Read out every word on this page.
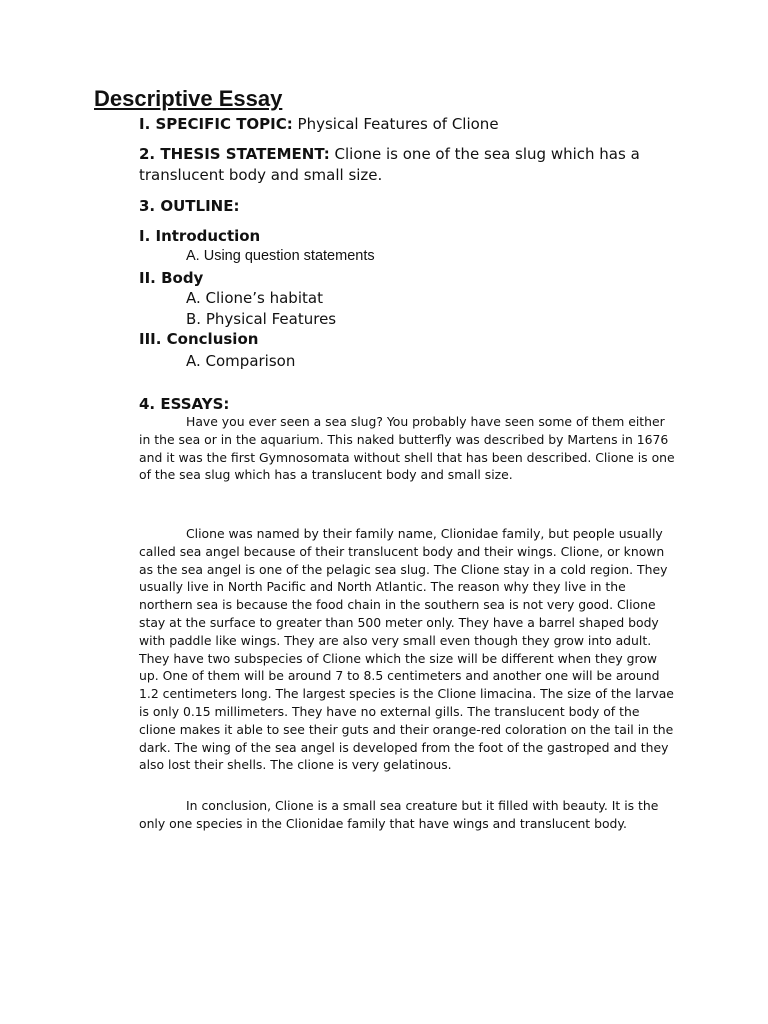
Descriptive Essay
I. SPECIFIC TOPIC: Physical Features of Clione
2. THESIS STATEMENT: Clione is one of the sea slug which has a
translucent body and small size.
3. OUTLINE:
I. Introduction
A. Using question statements
II. Body
A. Clione’s habitat
B. Physical Features
III. Conclusion
A. Comparison
4. ESSAYS:

Have you ever seen a sea slug? You probably have seen some of them either in the sea or in the aquarium. This naked butterfly was described by Martens in 1676 and it was the first Gymnosomata without shell that has been described. Clione is one of the sea slug which has a translucent body and small size.

Clione was named by their family name, Clionidae family, but people usually called sea angel because of their translucent body and their wings. Clione, or known as the sea angel is one of the pelagic sea slug. The Clione stay in a cold region. They usually live in North Pacific and North Atlantic. The reason why they live in the northern sea is because the food chain in the southern sea is not very good. Clione stay at the surface to greater than 500 meter only. They have a barrel shaped body with paddle like wings. They are also very small even though they grow into adult. They have two subspecies of Clione which the size will be different when they grow up. One of them will be around 7 to 8.5 centimeters and another one will be around 1.2 centimeters long. The largest species is the Clione limacina. The size of the larvae is only 0.15 millimeters. They have no external gills. The translucent body of the clione makes it able to see their guts and their orange-red coloration on the tail in the dark. The wing of the sea angel is developed from the foot of the gastroped and they also lost their shells. The clione is very gelatinous.

In conclusion, Clione is a small sea creature but it filled with beauty. It is the only one species in the Clionidae family that have wings and translucent body.
